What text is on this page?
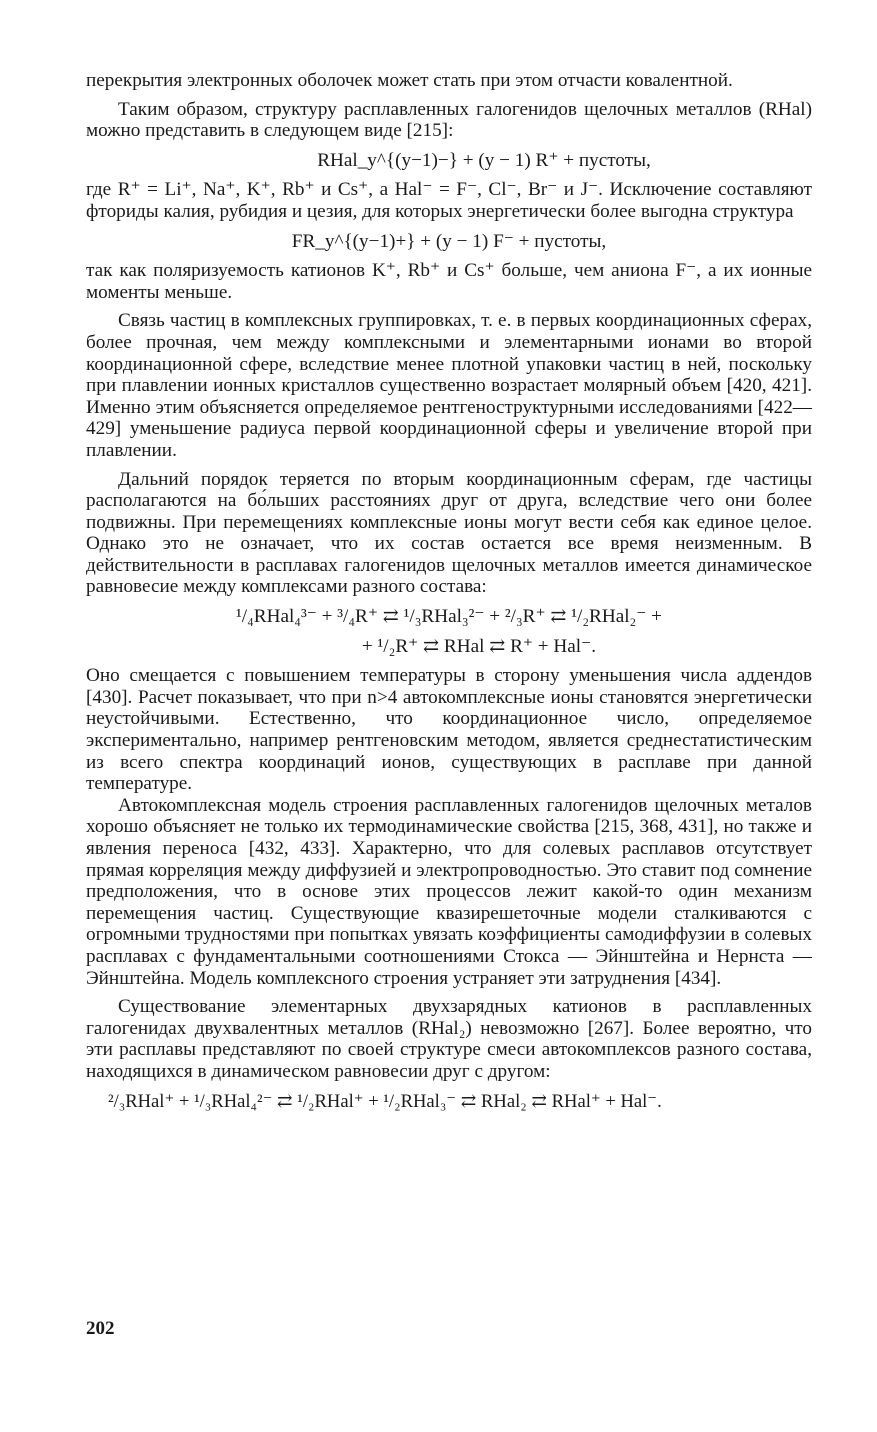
перекрытия электронных оболочек может стать при этом отчасти ковалентной.

Таким образом, структуру расплавленных галогенидов щелочных металлов (RHal) можно представить в следующем виде [215]:

RHal_y^{(y−1)−} + (y − 1) R⁺ + пустоты,

где R⁺ = Li⁺, Na⁺, K⁺, Rb⁺ и Cs⁺, а Hal⁻ = F⁻, Cl⁻, Br⁻ и J⁻. Исключение составляют фториды калия, рубидия и цезия, для которых энергетически более выгодна структура

FR_y^{(y−1)+} + (y − 1) F⁻ + пустоты,

так как поляризуемость катионов K⁺, Rb⁺ и Cs⁺ больше, чем аниона F⁻, а их ионные моменты меньше.

Связь частиц в комплексных группировках, т. е. в первых координационных сферах, более прочная, чем между комплексными и элементарными ионами во второй координационной сфере, вследствие менее плотной упаковки частиц в ней, поскольку при плавлении ионных кристаллов существенно возрастает молярный объем [420, 421]. Именно этим объясняется определяемое рентгеноструктурными исследованиями [422—429] уменьшение радиуса первой координационной сферы и увеличение второй при плавлении.

Дальний порядок теряется по вторым координационным сферам, где частицы располагаются на бо́льших расстояниях друг от друга, вследствие чего они более подвижны. При перемещениях комплексные ионы могут вести себя как единое целое. Однако это не означает, что их состав остается все время неизменным. В действительности в расплавах галогенидов щелочных металлов имеется динамическое равновесие между комплексами разного состава:

¹/₄RHal₄³⁻ + ³/₄R⁺ ⇄ ¹/₃RHal₃²⁻ + ²/₃R⁺ ⇄ ¹/₂RHal₂⁻ +

+ ¹/₂R⁺ ⇄ RHal ⇄ R⁺ + Hal⁻.

Оно смещается с повышением температуры в сторону уменьшения числа аддендов [430]. Расчет показывает, что при n>4 автокомплексные ионы становятся энергетически неустойчивыми. Естественно, что координационное число, определяемое экспериментально, например рентгеновским методом, является среднестатистическим из всего спектра координаций ионов, существующих в расплаве при данной температуре.

Автокомплексная модель строения расплавленных галогенидов щелочных металов хорошо объясняет не только их термодинамические свойства [215, 368, 431], но также и явления переноса [432, 433]. Характерно, что для солевых расплавов отсутствует прямая корреляция между диффузией и электропроводностью. Это ставит под сомнение предположения, что в основе этих процессов лежит какой-то один механизм перемещения частиц. Существующие квазирешеточные модели сталкиваются с огромными трудностями при попытках увязать коэффициенты самодиффузии в солевых расплавах с фундаментальными соотношениями Стокса — Эйнштейна и Нернста — Эйнштейна. Модель комплексного строения устраняет эти затруднения [434].

Существование элементарных двухзарядных катионов в расплавленных галогенидах двухвалентных металлов (RHal₂) невозможно [267]. Более вероятно, что эти расплавы представляют по своей структуре смеси автокомплексов разного состава, находящихся в динамическом равновесии друг с другом:

²/₃RHal⁺ + ¹/₃RHal₄²⁻ ⇄ ¹/₂RHal⁺ + ¹/₂RHal₃⁻ ⇄ RHal₂ ⇄ RHal⁺ + Hal⁻.

202
